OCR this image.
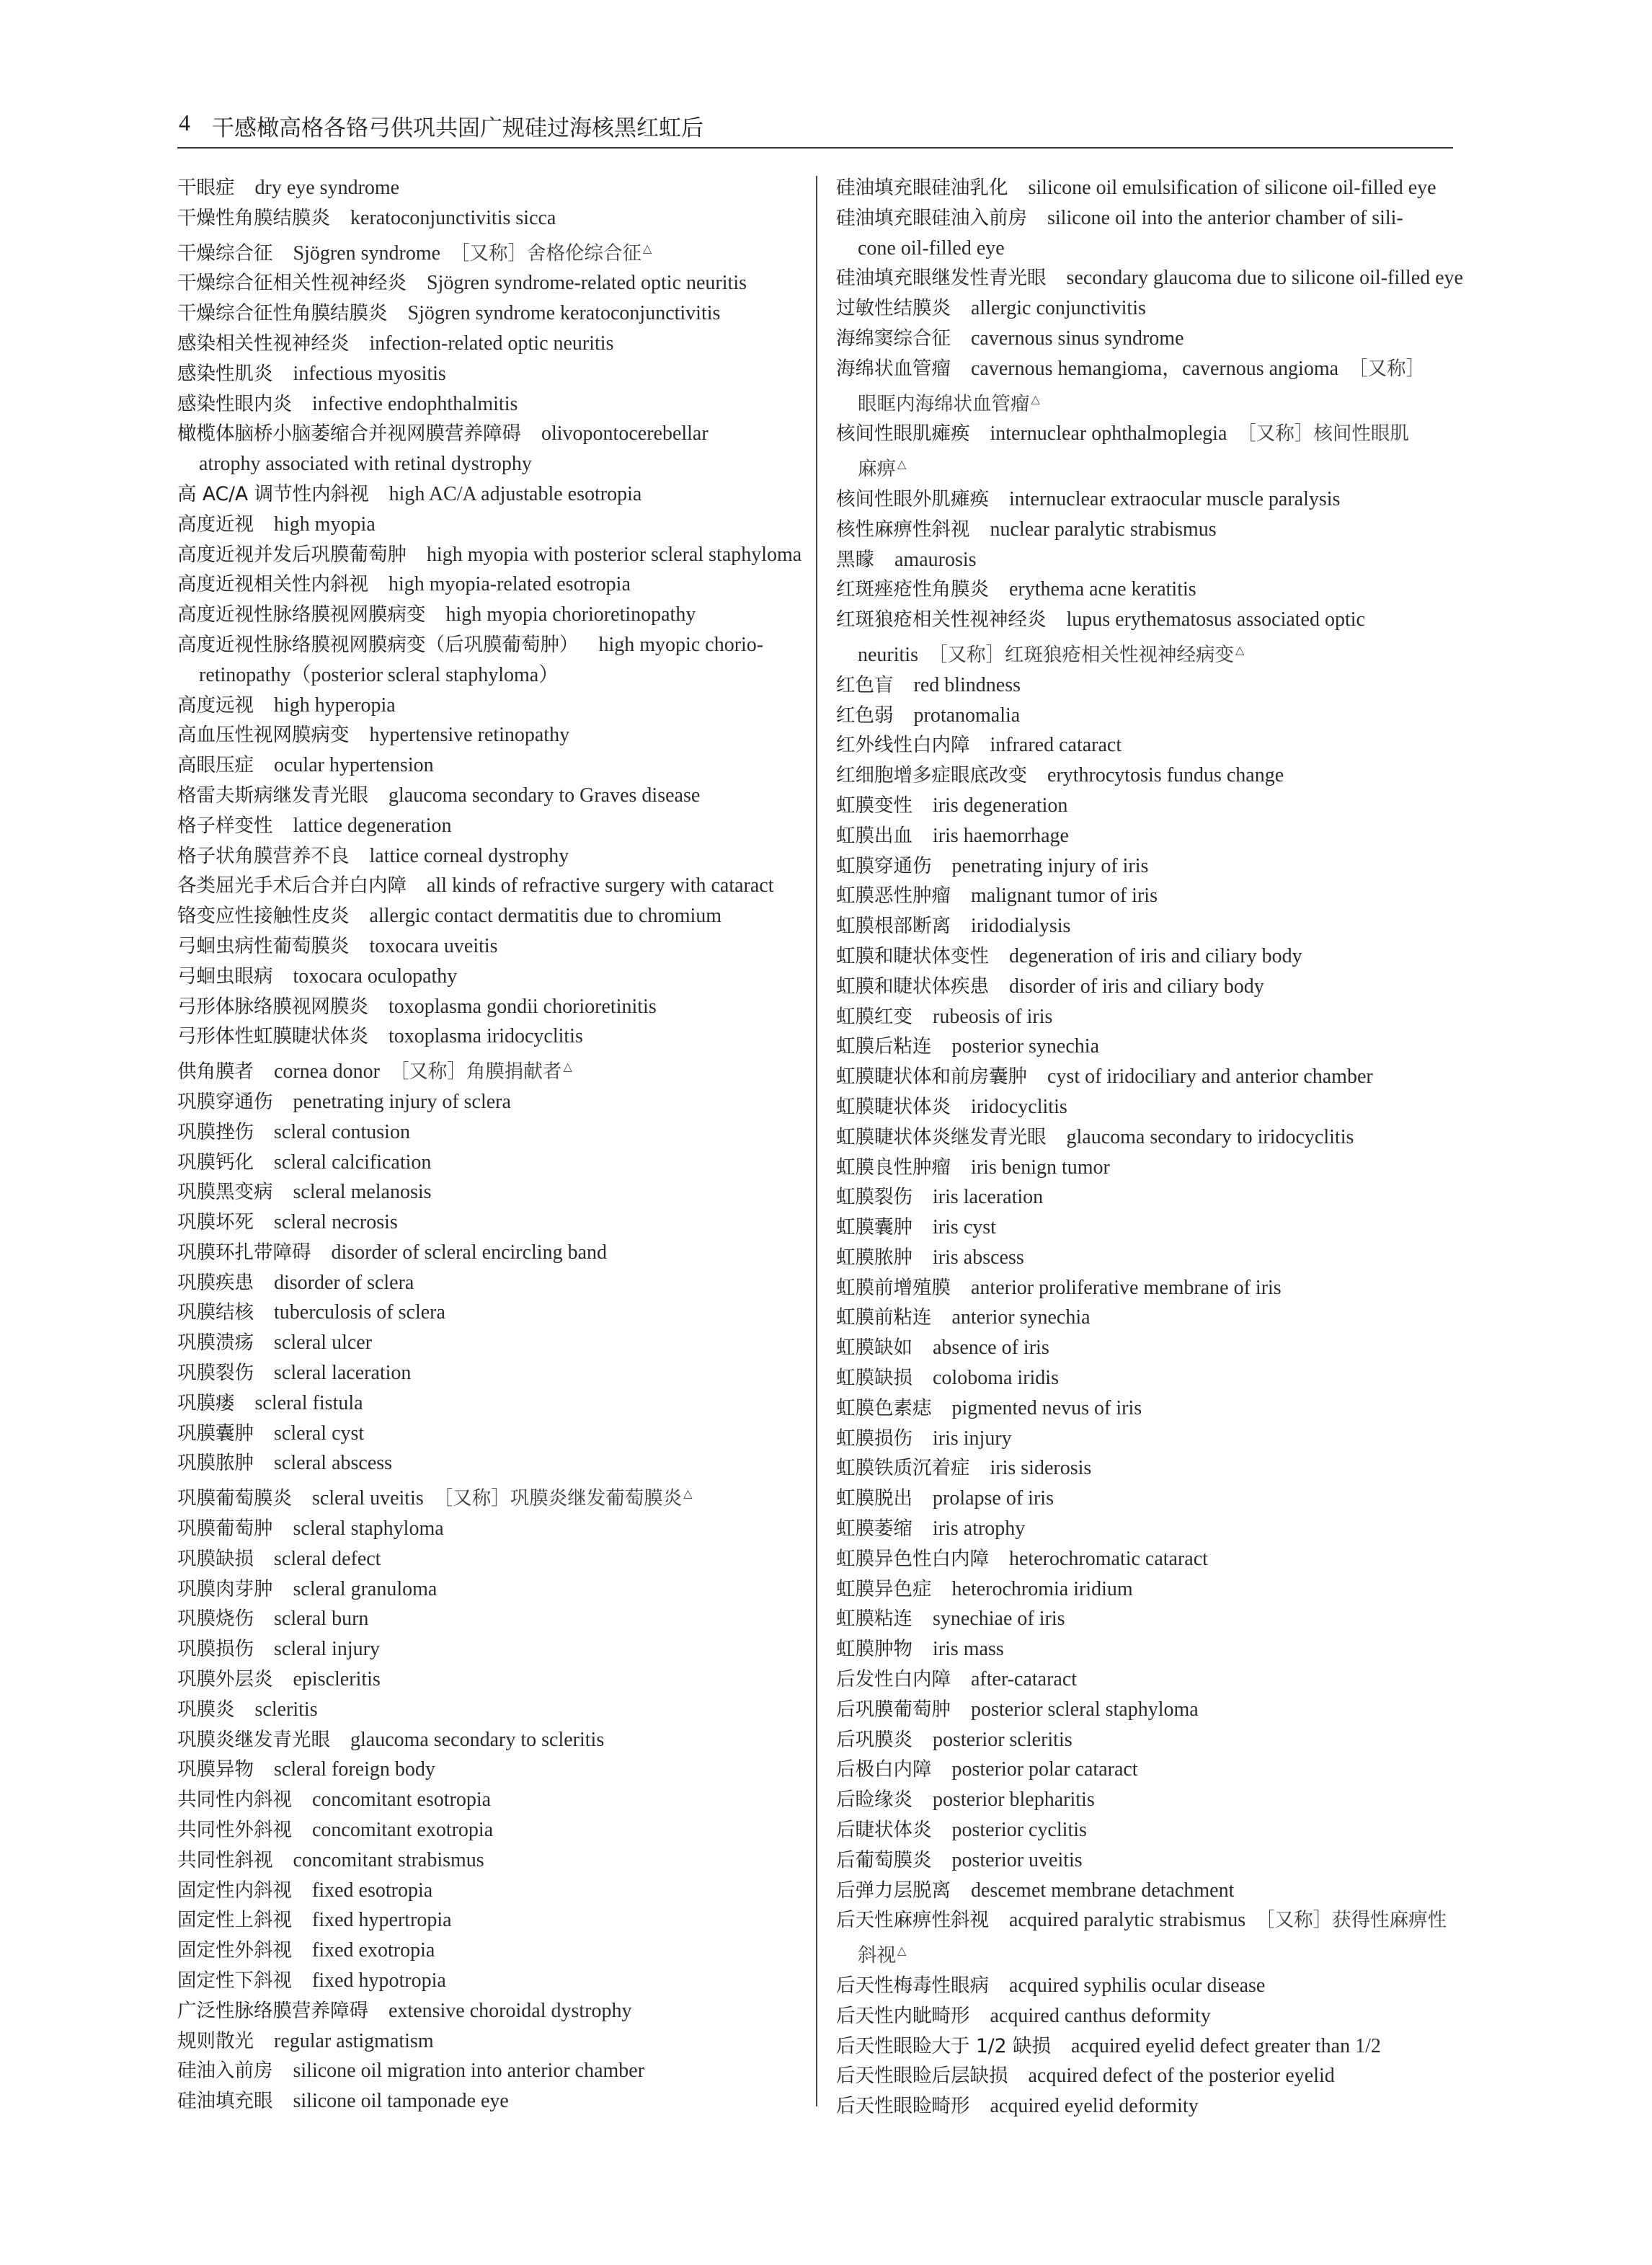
4 干感橄高格各铬弓供巩共固广规硅过海核黑红虹后
干眼症 dry eye syndrome
干燥性角膜结膜炎 keratoconjunctivitis sicca
干燥综合征 Sjögren syndrome ［又称］舍格伦综合征 △
干燥综合征相关性视神经炎 Sjögren syndrome-related optic neuritis
干燥综合征性角膜结膜炎 Sjögren syndrome keratoconjunctivitis
感染相关性视神经炎 infection-related optic neuritis
感染性肌炎 infectious myositis
感染性眼内炎 infective endophthalmitis
橄榄体脑桥小脑萎缩合并视网膜营养障碍 olivopontocerebellar
atrophy associated with retinal dystrophy
高 AC/A 调节性内斜视 high AC/A adjustable esotropia
高度近视 high myopia
高度近视并发后巩膜葡萄肿 high myopia with posterior scleral staphyloma
高度近视相关性内斜视 high myopia-related esotropia
高度近视性脉络膜视网膜病变 high myopia chorioretinopathy
高度近视性脉络膜视网膜病变（后巩膜葡萄肿） high myopic chorio-
retinopathy（posterior scleral staphyloma）
高度远视 high hyperopia
高血压性视网膜病变 hypertensive retinopathy
高眼压症 ocular hypertension
格雷夫斯病继发青光眼 glaucoma secondary to Graves disease
格子样变性 lattice degeneration
格子状角膜营养不良 lattice corneal dystrophy
各类屈光手术后合并白内障 all kinds of refractive surgery with cataract
铬变应性接触性皮炎 allergic contact dermatitis due to chromium
弓蛔虫病性葡萄膜炎 toxocara uveitis
弓蛔虫眼病 toxocara oculopathy
弓形体脉络膜视网膜炎 toxoplasma gondii chorioretinitis
弓形体性虹膜睫状体炎 toxoplasma iridocyclitis
供角膜者 cornea donor ［又称］角膜捐献者 △
巩膜穿通伤 penetrating injury of sclera
巩膜挫伤 scleral contusion
巩膜钙化 scleral calcification
巩膜黑变病 scleral melanosis
巩膜坏死 scleral necrosis
巩膜环扎带障碍 disorder of scleral encircling band
巩膜疾患 disorder of sclera
巩膜结核 tuberculosis of sclera
巩膜溃疡 scleral ulcer
巩膜裂伤 scleral laceration
巩膜瘘 scleral fistula
巩膜囊肿 scleral cyst
巩膜脓肿 scleral abscess
巩膜葡萄膜炎 scleral uveitis ［又称］巩膜炎继发葡萄膜炎 △
巩膜葡萄肿 scleral staphyloma
巩膜缺损 scleral defect
巩膜肉芽肿 scleral granuloma
巩膜烧伤 scleral burn
巩膜损伤 scleral injury
巩膜外层炎 episcleritis
巩膜炎 scleritis
巩膜炎继发青光眼 glaucoma secondary to scleritis
巩膜异物 scleral foreign body
共同性内斜视 concomitant esotropia
共同性外斜视 concomitant exotropia
共同性斜视 concomitant strabismus
固定性内斜视 fixed esotropia
固定性上斜视 fixed hypertropia
固定性外斜视 fixed exotropia
固定性下斜视 fixed hypotropia
广泛性脉络膜营养障碍 extensive choroidal dystrophy
规则散光 regular astigmatism
硅油入前房 silicone oil migration into anterior chamber
硅油填充眼 silicone oil tamponade eye
硅油填充眼硅油乳化 silicone oil emulsification of silicone oil-filled eye
硅油填充眼硅油入前房 silicone oil into the anterior chamber of sili-
cone oil-filled eye
硅油填充眼继发性青光眼 secondary glaucoma due to silicone oil-filled eye
过敏性结膜炎 allergic conjunctivitis
海绵窦综合征 cavernous sinus syndrome
海绵状血管瘤 cavernous hemangioma，cavernous angioma ［又称］
眼眶内海绵状血管瘤 △
核间性眼肌瘫痪 internuclear ophthalmoplegia ［又称］核间性眼肌
麻痹 △
核间性眼外肌瘫痪 internuclear extraocular muscle paralysis
核性麻痹性斜视 nuclear paralytic strabismus
黑矇 amaurosis
红斑痤疮性角膜炎 erythema acne keratitis
红斑狼疮相关性视神经炎 lupus erythematosus associated optic
neuritis ［又称］红斑狼疮相关性视神经病变 △
红色盲 red blindness
红色弱 protanomalia
红外线性白内障 infrared cataract
红细胞增多症眼底改变 erythrocytosis fundus change
虹膜变性 iris degeneration
虹膜出血 iris haemorrhage
虹膜穿通伤 penetrating injury of iris
虹膜恶性肿瘤 malignant tumor of iris
虹膜根部断离 iridodialysis
虹膜和睫状体变性 degeneration of iris and ciliary body
虹膜和睫状体疾患 disorder of iris and ciliary body
虹膜红变 rubeosis of iris
虹膜后粘连 posterior synechia
虹膜睫状体和前房囊肿 cyst of iridociliary and anterior chamber
虹膜睫状体炎 iridocyclitis
虹膜睫状体炎继发青光眼 glaucoma secondary to iridocyclitis
虹膜良性肿瘤 iris benign tumor
虹膜裂伤 iris laceration
虹膜囊肿 iris cyst
虹膜脓肿 iris abscess
虹膜前增殖膜 anterior proliferative membrane of iris
虹膜前粘连 anterior synechia
虹膜缺如 absence of iris
虹膜缺损 coloboma iridis
虹膜色素痣 pigmented nevus of iris
虹膜损伤 iris injury
虹膜铁质沉着症 iris siderosis
虹膜脱出 prolapse of iris
虹膜萎缩 iris atrophy
虹膜异色性白内障 heterochromatic cataract
虹膜异色症 heterochromia iridium
虹膜粘连 synechiae of iris
虹膜肿物 iris mass
后发性白内障 after-cataract
后巩膜葡萄肿 posterior scleral staphyloma
后巩膜炎 posterior scleritis
后极白内障 posterior polar cataract
后睑缘炎 posterior blepharitis
后睫状体炎 posterior cyclitis
后葡萄膜炎 posterior uveitis
后弹力层脱离 descemet membrane detachment
后天性麻痹性斜视 acquired paralytic strabismus ［又称］获得性麻痹性
斜视 △
后天性梅毒性眼病 acquired syphilis ocular disease
后天性内眦畸形 acquired canthus deformity
后天性眼睑大于 1/2 缺损 acquired eyelid defect greater than 1/2
后天性眼睑后层缺损 acquired defect of the posterior eyelid
后天性眼睑畸形 acquired eyelid deformity
